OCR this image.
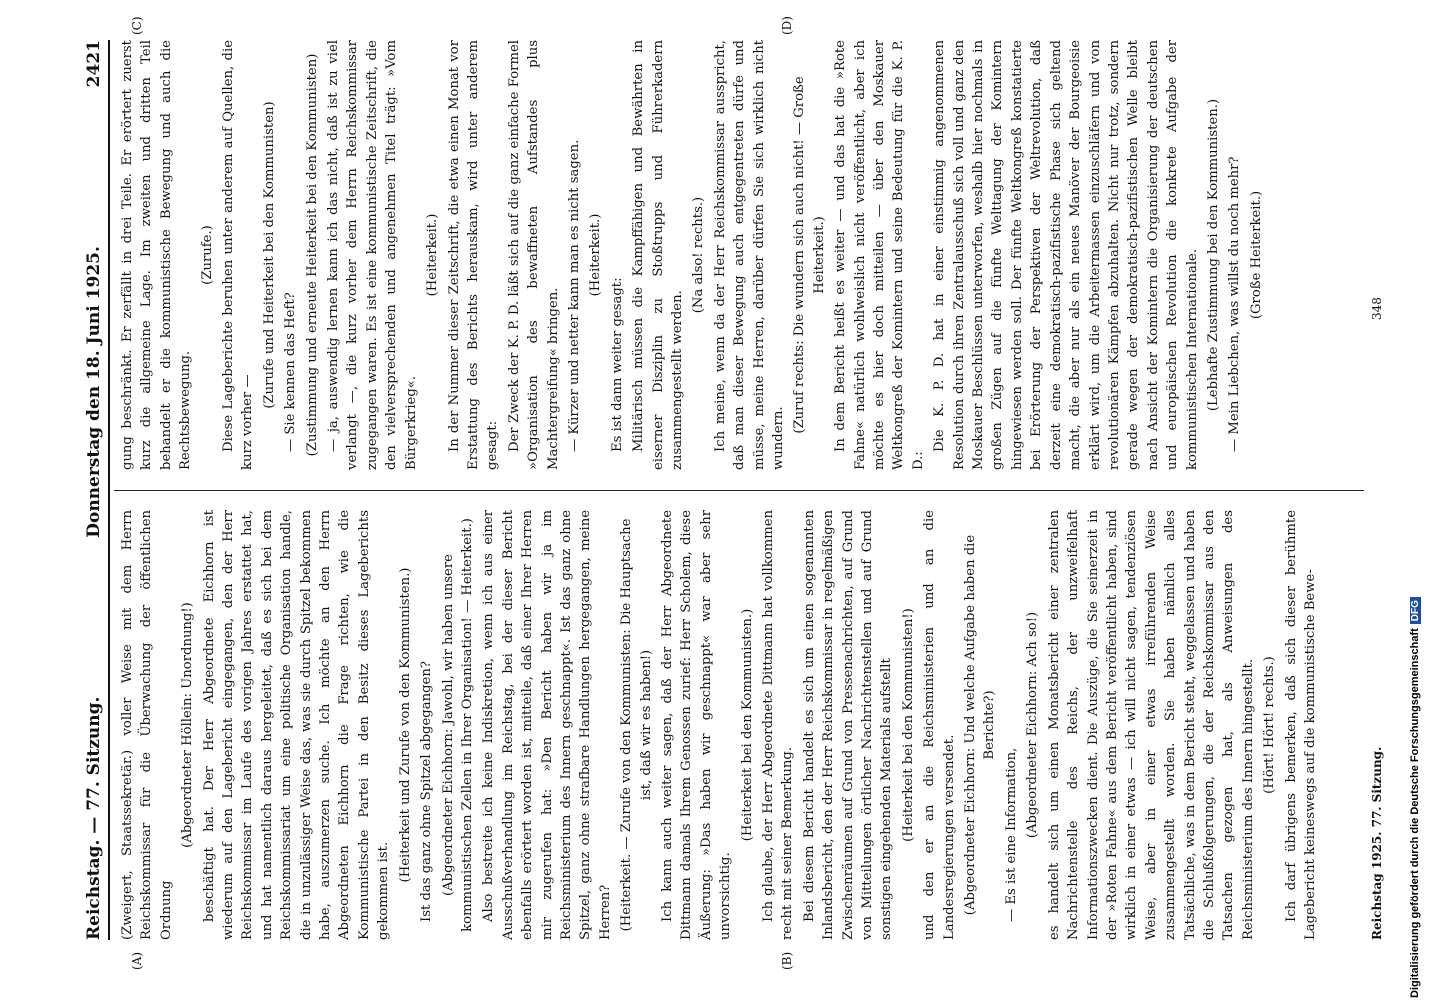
Reichstag. — 77. Sitzung.
Donnerstag den 18. Juni 1925.
2421
(A)	(B)
(C)	(D)

(Zweigert, Staatssekretär.) voller Weise mit dem Herrn Reichskommissar für die Überwachung der öffentlichen Ordnung

(Abgeordneter Höllein: Unordnung!) beschäftigt hat. Der Herr Abgeordnete Eichhorn ist wiederum auf den Lagebericht eingegangen, den der Herr Reichskommissar im Laufe des vorigen Jahres erstattet hat, und hat namentlich daraus hergeleitet, daß es sich bei dem Reichskommissariat um eine politische Organisation handle, die in unzulässiger Weise das, was sie durch Spitzel bekommen habe, auszumerzen suche. Ich möchte an den Herrn Abgeordneten Eichhorn die Frage richten, wie die Kommunistische Partei in den Besitz dieses Lageberichts gekommen ist.

(Heiterkeit und Zurufe von den Kommunisten.) Ist das ganz ohne Spitzel abgegangen? (Abgeordneter Eichhorn: Jawohl, wir haben unsere kommunistischen Zellen in Ihrer Organisation! — Heiterkeit.) Also bestreite ich keine Indiskretion, wenn ich aus einer Ausschußverhandlung im Reichstag, bei der dieser Bericht ebenfalls erörtert worden ist, mitteile, daß einer Ihrer Herren mir zugerufen hat: »Den Bericht haben wir ja im Reichsministerium des Innern geschnappt«. Ist das ganz ohne Spitzel, ganz ohne strafbare Handlungen hergegangen, meine Herren? (Heiterkeit. — Zurufe von den Kommunisten: Die Hauptsache ist, daß wir es haben!) Ich kann auch weiter sagen, daß der Herr Abgeordnete Dittmann damals Ihrem Genossen zurief: Herr Scholem, diese Äußerung: »Das haben wir geschnappt« war aber sehr unvorsichtig.

(Heiterkeit bei den Kommunisten.) Ich glaube, der Herr Abgeordnete Dittmann hat vollkommen recht mit seiner Bemerkung. Bei diesem Bericht handelt es sich um einen sogenannten Inlandsbericht, den der Herr Reichskommissar in regelmäßigen Zwischenräumen auf Grund von Pressenachrichten, auf Grund von Mitteilungen örtlicher Nachrichtenstellen und auf Grund sonstigen eingehenden Materials aufstellt (Heiterkeit bei den Kommunisten!) und den er an die Reichsministerien und an die Landesregierungen versendet. (Abgeordneter Eichhorn: Und welche Aufgabe haben die Berichte?)

— Es ist eine Information, (Abgeordneter Eichhorn: Ach so!) es handelt sich um einen Monatsbericht einer zentralen Nachrichtenstelle des Reichs, der unzweifelhaft Informationszwecken dient. Die Auszüge, die Sie seinerzeit in der »Roten Fahne« aus dem Bericht veröffentlicht haben, sind wirklich in einer etwas — ich will nicht sagen, tendenziösen Weise, aber in einer etwas irreführenden Weise zusammengestellt worden. Sie haben nämlich alles Tatsächliche, was in dem Bericht steht, weggelassen und haben die Schlußfolgerungen, die der Reichskommissar aus den Tatsachen gezogen hat, als Anweisungen des Reichsministerium des Innern hingestellt. (Hört! Hört! rechts.) Ich darf übrigens bemerken, daß sich dieser berühmte Lagebericht keineswegs auf die kommunistische Bewe-

gung beschränkt. Er zerfällt in drei Teile. Er erörtert zuerst kurz die allgemeine Lage. Im zweiten und dritten Teil behandelt er die kommunistische Bewegung und auch die Rechtsbewegung.

(Zurufe.) Diese Lageberichte beruhen unter anderem auf Quellen, die kurz vorher —

(Zurufe und Heiterkeit bei den Kommunisten) — Sie kennen das Heft? (Zustimmung und erneute Heiterkeit bei den Kommunisten) — ja, auswendig lernen kann ich das nicht, daß ist zu viel verlangt —, die kurz vorher dem Herrn Reichskommissar zugegangen waren. Es ist eine kommunistische Zeitschrift, die den vielversprechenden und angenehmen Titel trägt: »Vom Bürgerkrieg«.

(Heiterkeit.) In der Nummer dieser Zeitschrift, die etwa einen Monat vor Erstattung des Berichts herauskam, wird unter anderem gesagt: Der Zweck der K. P. D. läßt sich auf die ganz einfache Formel »Organisation des bewaffneten Aufstandes plus Machtergreifung« bringen. — Kürzer und netter kann man es nicht sagen. (Heiterkeit.)

Es ist dann weiter gesagt: Militärisch müssen die Kampffähigen und Bewährten in eiserner Disziplin zu Stoßtrupps und Führerkadern zusammengestellt werden.

(Na also! rechts.) Ich meine, wenn da der Herr Reichskommissar ausspricht, daß man dieser Bewegung auch entgegentreten dürfe und müsse, meine Herren, darüber dürfen Sie sich wirklich nicht wundern.

(Zuruf rechts: Die wundern sich auch nicht! — Große Heiterkeit.) In dem Bericht heißt es weiter — und das hat die »Rote Fahne« natürlich wohlweislich nicht veröffentlicht, aber ich möchte es hier doch mitteilen — über den Moskauer Weltkongreß der Komintern und seine Bedeutung für die K. P. D.:

Die K. P. D. hat in einer einstimmig angenommenen Resolution durch ihren Zentralausschuß sich voll und ganz den Moskauer Beschlüssen unterworfen, weshalb hier nochmals in großen Zügen auf die fünfte Welttagung der Komintern hingewiesen werden soll. Der fünfte Weltkongreß konstatierte bei Erörterung der Perspektiven der Weltrevolution, daß derzeit eine demokratisch-pazifistische Phase sich geltend macht, die aber nur als ein neues Manöver der Bourgeoisie erklärt wird, um die Arbeitermassen einzuschläfern und von revolutionären Kämpfen abzuhalten. Nicht nur trotz, sondern gerade wegen der demokratisch-pazifistischen Welle bleibt nach Ansicht der Komintern die Organisierung der deutschen und europäischen Revolution die konkrete Aufgabe der kommunistischen Internationale. (Lebhafte Zustimmung bei den Kommunisten.) — Mein Liebchen, was willst du noch mehr? (Große Heiterkeit.)

Reichstag 1925. 77. Sitzung.
348
Digitalisierung gefördert durch die Deutsche Forschungsgemeinschaft
DFG
